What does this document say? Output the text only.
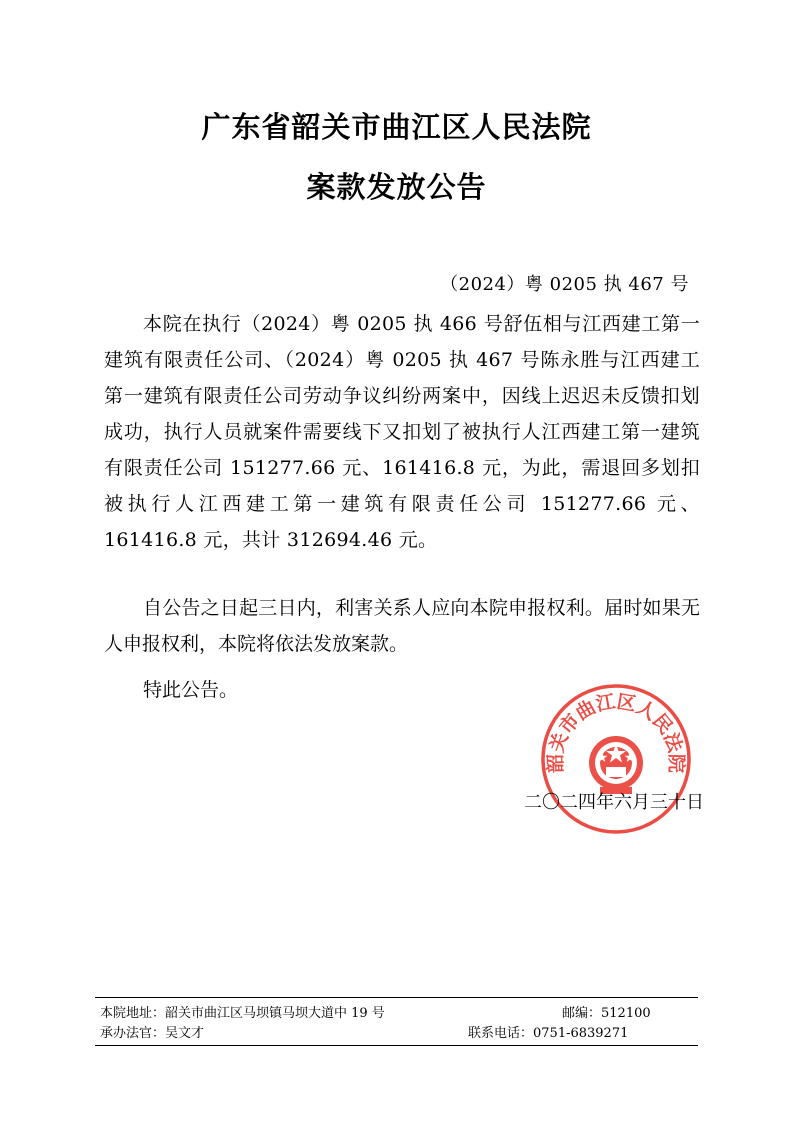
广东省韶关市曲江区人民法院
案款发放公告
（2024）粤 0205 执 467 号

本院在执行（2024）粤 0205 执 466 号舒伍相与江西建工第一建筑有限责任公司、（2024）粤 0205 执 467 号陈永胜与江西建工第一建筑有限责任公司劳动争议纠纷两案中，因线上迟迟未反馈扣划成功，执行人员就案件需要线下又扣划了被执行人江西建工第一建筑有限责任公司 151277.66 元、161416.8 元，为此，需退回多划扣被执行人江西建工第一建筑有限责任公司 151277.66 元、161416.8 元，共计 312694.46 元。

自公告之日起三日内，利害关系人应向本院申报权利。届时如果无人申报权利，本院将依法发放案款。

特此公告。

韶关市曲江区人民法院
二〇二四年六月三十日
本院地址：韶关市曲江区马坝镇马坝大道中 19 号	邮编：512100
承办法官：吴文才	联系电话：0751-6839271
